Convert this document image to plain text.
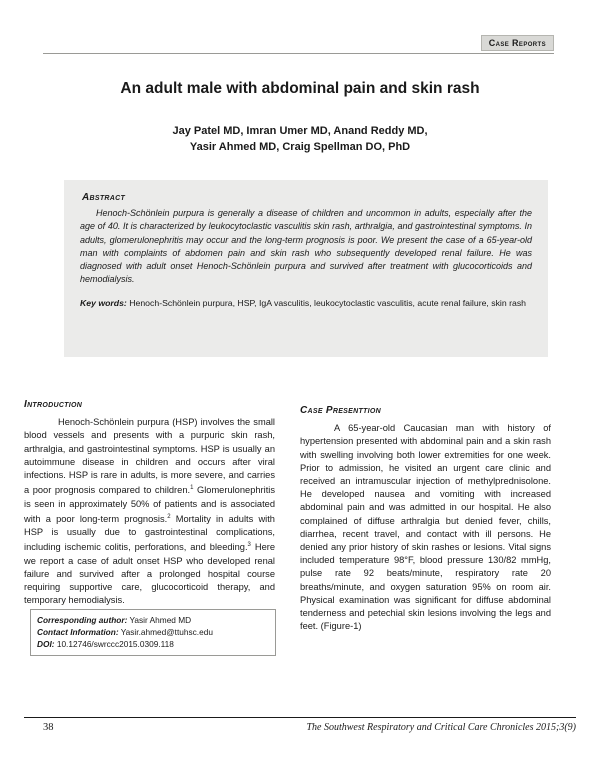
Case Reports
An adult male with abdominal pain and skin rash
Jay Patel MD, Imran Umer MD, Anand Reddy MD,
Yasir Ahmed MD, Craig Spellman DO, PhD
Abstract

Henoch-Schönlein purpura is generally a disease of children and uncommon in adults, especially after the age of 40. It is characterized by leukocytoclastic vasculitis skin rash, arthralgia, and gastrointestinal symptoms. In adults, glomerulonephritis may occur and the long-term prognosis is poor. We present the case of a 65-year-old man with complaints of abdomen pain and skin rash who subsequently developed renal failure. He was diagnosed with adult onset Henoch-Schönlein purpura and survived after treatment with glucocorticoids and hemodialysis.

Key words: Henoch-Schönlein purpura, HSP, IgA vasculitis, leukocytoclastic vasculitis, acute renal failure, skin rash
Introduction

Henoch-Schönlein purpura (HSP) involves the small blood vessels and presents with a purpuric skin rash, arthralgia, and gastrointestinal symptoms. HSP is usually an autoimmune disease in children and occurs after viral infections. HSP is rare in adults, is more severe, and carries a poor prognosis compared to children.$^1$ Glomerulonephritis is seen in approximately 50% of patients and is associated with a poor long-term prognosis.$^2$ Mortality in adults with HSP is usually due to gastrointestinal complications, including ischemic colitis, perforations, and bleeding.$^3$ Here we report a case of adult onset HSP who developed renal failure and survived after a prolonged hospital course requiring supportive care, glucocorticoid therapy, and temporary hemodialysis.

Case Presenttion

A 65-year-old Caucasian man with history of hypertension presented with abdominal pain and a skin rash with swelling involving both lower extremities for one week. Prior to admission, he visited an urgent care clinic and received an intramuscular injection of methylprednisolone. He developed nausea and vomiting with increased abdominal pain and was admitted in our hospital. He also complained of diffuse arthralgia but denied fever, chills, diarrhea, recent travel, and contact with ill persons. He denied any prior history of skin rashes or lesions. Vital signs included temperature 98°F, blood pressure 130/82 mmHg, pulse rate 92 beats/minute, respiratory rate 20 breaths/minute, and oxygen saturation 95% on room air. Physical examination was significant for diffuse abdominal tenderness and petechial skin lesions involving the legs and feet. (Figure-1)

Corresponding author: Yasir Ahmed MD
Contact Information: Yasir.ahmed@ttuhsc.edu
DOI: 10.12746/swrccc2015.0309.118
38	The Southwest Respiratory and Critical Care Chronicles 2015;3(9)
